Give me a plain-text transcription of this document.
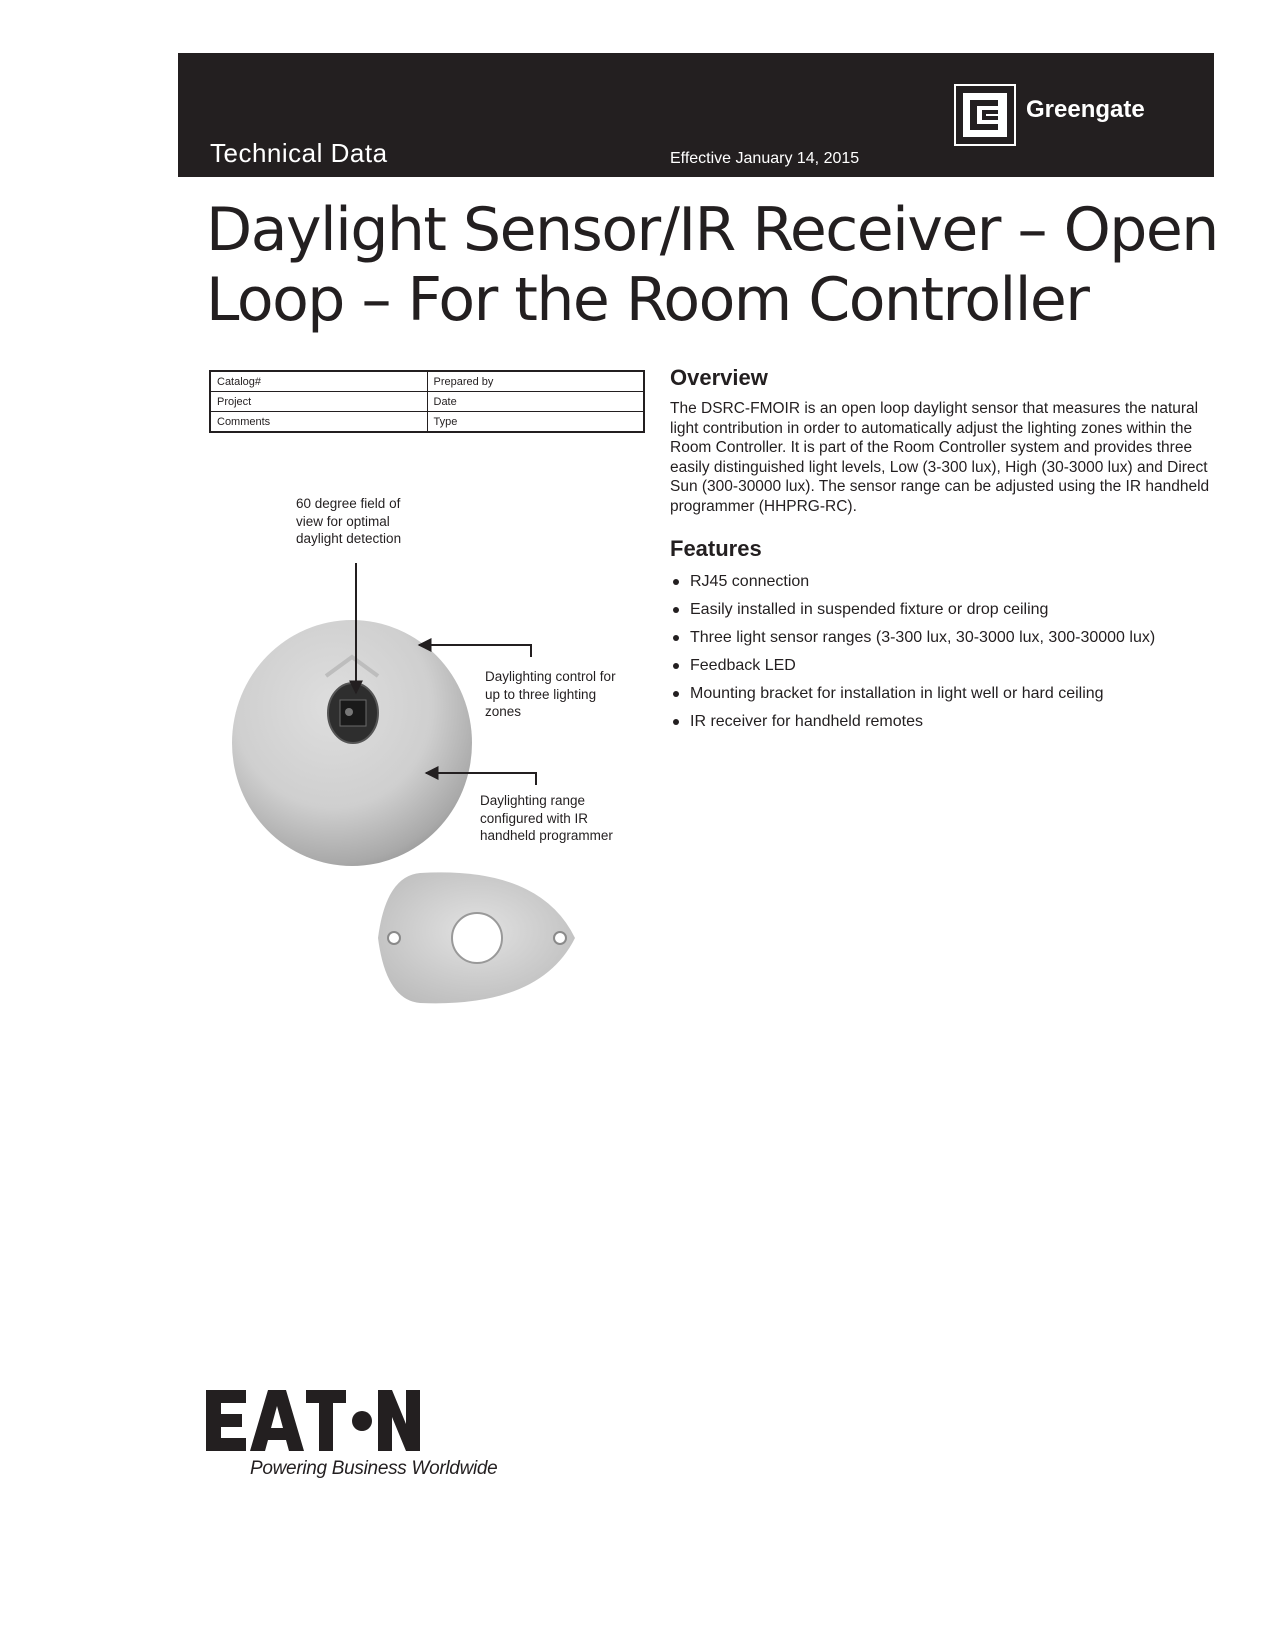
Technical Data	Effective January 14, 2015
Greengate
Daylight Sensor/IR Receiver – Open
Loop – For the Room Controller
Catalog#	Prepared by
Project	Date
Comments	Type
60 degree field of
view for optimal
daylight detection
Daylighting control for
up to three lighting
zones
Daylighting range
configured with IR
handheld programmer
Overview

The DSRC-FMOIR is an open loop daylight sensor that measures the natural light contribution in order to automatically adjust the lighting zones within the Room Controller. It is part of the Room Controller system and provides three easily distinguished light levels, Low (3-300 lux), High (30-3000 lux) and Direct Sun (300-30000 lux). The sensor range can be adjusted using the IR handheld programmer (HHPRG-RC).

Features
RJ45 connection
Easily installed in suspended fixture or drop ceiling
Three light sensor ranges (3-300 lux, 30-3000 lux, 300-30000 lux)
Feedback LED
Mounting bracket for installation in light well or hard ceiling
IR receiver for handheld remotes
Powering Business Worldwide
